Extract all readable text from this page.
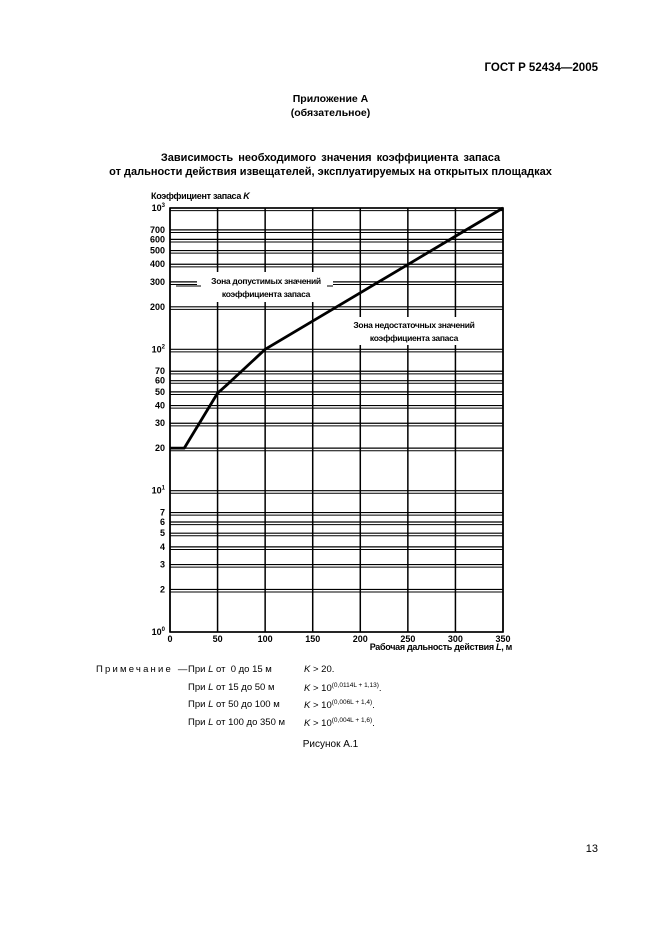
ГОСТ Р 52434—2005
Приложение А
(обязательное)
Зависимость необходимого значения коэффициента запаса
от дальности действия извещателей, эксплуатируемых на открытых площадках
$10^3$
700
600
500
400
300
200
$10^2$
70
60
50
40
30
20
$10^1$
7
6
5
4
3
2
$10^0$
0	50	100	150	200	250	300	350
Коэффициент запаса K
Рабочая дальность действия L, м
Зона допустимых значений
коэффициента запаса
Зона недостаточных значений
коэффициента запаса
Примечание —
При L от  0 до 15 м	K > 20.
При L от 15 до 50 м	$K > 10^{(0,0114L + 1,13)}$.
При L от 50 до 100 м	$K > 10^{(0,006L + 1,4)}$.
При L от 100 до 350 м $K > 10^{(0,004L + 1,6)}$.
Рисунок А.1
13
